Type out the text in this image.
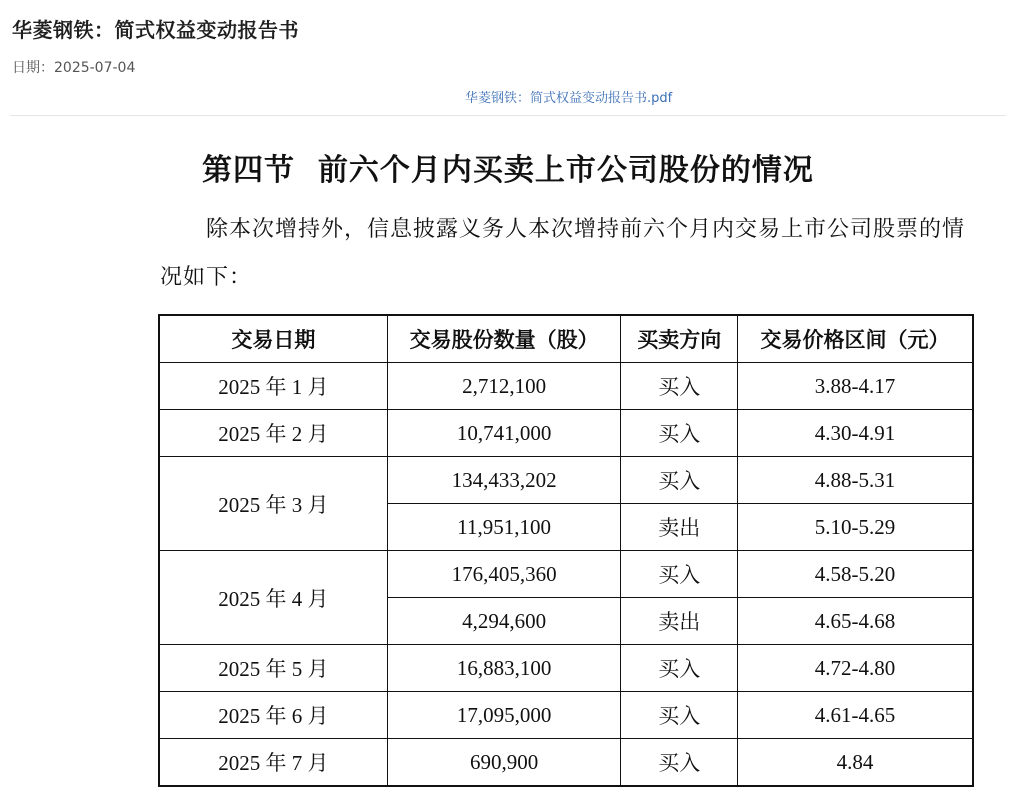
华菱钢铁：简式权益变动报告书
日期：2025-07-04
华菱钢铁：简式权益变动报告书.pdf
第四节  前六个月内买卖上市公司股份的情况
除本次增持外，信息披露义务人本次增持前六个月内交易上市公司股票的情况如下：
交易日期	交易股份数量（股）	买卖方向	交易价格区间（元）
2025 年 1 月	2,712,100	买入	3.88-4.17
2025 年 2 月	10,741,000	买入	4.30-4.91
2025 年 3 月	134,433,202	买入	4.88-5.31
	11,951,100	卖出	5.10-5.29
2025 年 4 月	176,405,360	买入	4.58-5.20
	4,294,600	卖出	4.65-4.68
2025 年 5 月	16,883,100	买入	4.72-4.80
2025 年 6 月	17,095,000	买入	4.61-4.65
2025 年 7 月	690,900	买入	4.84
